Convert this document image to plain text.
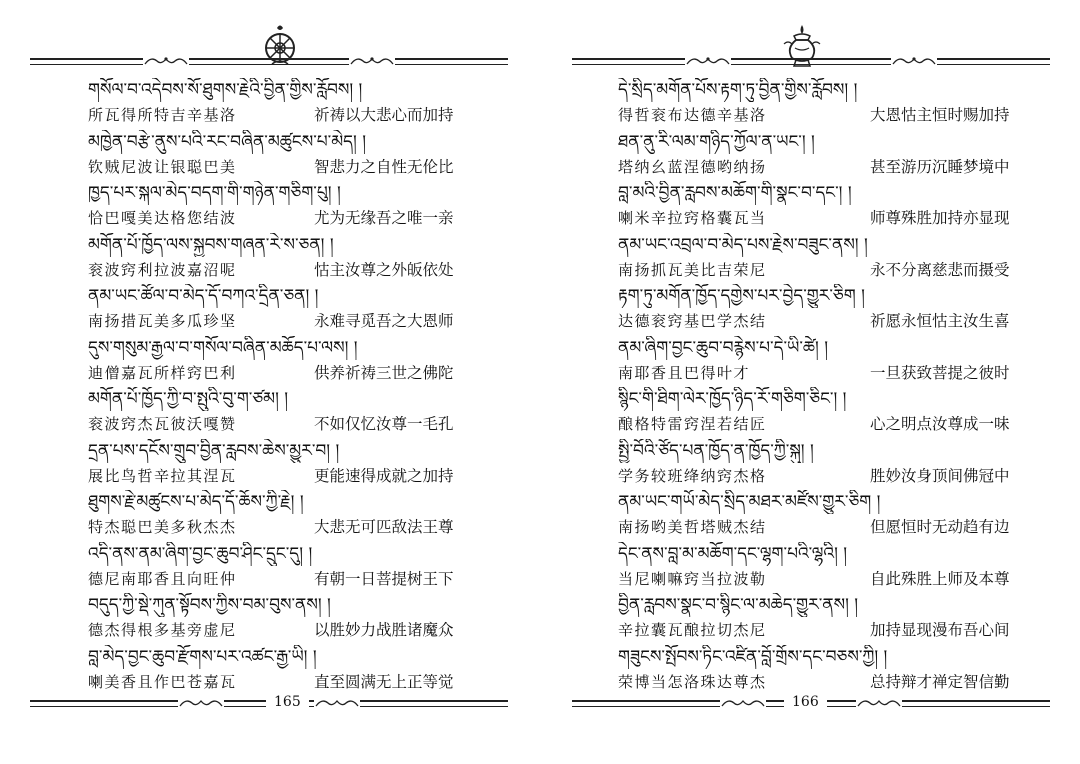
གསོལ་བ་འདེབས་སོ་ཐུགས་རྗེའི་བྱིན་གྱིས་རློབས། །
所瓦得所特吉辛基洛	祈祷以大悲心而加持
མཁྱེན་བརྩེ་ནུས་པའི་རང་བཞིན་མཚུངས་པ་མེད། །
钦贼尼波让银聪巴美	智悲力之自性无伦比
ཁྱད་པར་སྐལ་མེད་བདག་གི་གཉེན་གཅིག་པུ། །
恰巴嘎美达格您结波	尤为无缘吾之唯一亲
མགོན་པོ་ཁྱོད་ལས་སྐྱབས་གཞན་རེ་ས་ཅན། །
衮波窍利拉波嘉沼呢	怙主汝尊之外皈依处
ནམ་ཡང་ཚོལ་བ་མེད་དོ་བཀའ་དྲིན་ཅན། །
南扬措瓦美多瓜珍坚	永难寻觅吾之大恩师
དུས་གསུམ་རྒྱལ་བ་གསོལ་བཞིན་མཆོད་པ་ལས། །
迪僧嘉瓦所样窍巴利	供养祈祷三世之佛陀
མགོན་པོ་ཁྱོད་ཀྱི་བ་སྤུའི་བུ་ག་ཙམ། །
衮波窍杰瓦彼沃嘎赞	不如仅忆汝尊一毛孔
དྲན་པས་དངོས་གྲུབ་བྱིན་རླབས་ཆེས་མྱུར་བ། །
展比鸟哲辛拉其涅瓦	更能速得成就之加持
ཐུགས་རྗེ་མཚུངས་པ་མེད་དོ་ཆོས་ཀྱི་རྗེ། །
特杰聪巴美多秋杰杰	大悲无可匹敌法王尊
འདི་ནས་ནམ་ཞིག་བྱང་ཆུབ་ཤིང་དྲུང་དུ། །
德尼南耶香且向旺仲	有朝一日菩提树王下
བདུད་ཀྱི་སྡེ་ཀུན་སྟོབས་ཀྱིས་བམ་བུས་ནས། །
德杰得根多基旁虚尼	以胜妙力战胜诸魔众
བླ་མེད་བྱང་ཆུབ་རྫོགས་པར་འཚང་རྒྱ་ཡི། །
喇美香且作巴苍嘉瓦	直至圆满无上正等觉
165
དེ་སྲིད་མགོན་པོས་རྟག་ཏུ་བྱིན་གྱིས་རློབས། །
得哲衮布达德辛基洛	大恩怙主恒时赐加持
ཐན་ནུ་རི་ལམ་གཉིད་ཀྱོལ་ན་ཡང་། །
塔纳幺蓝涅德哟纳扬	甚至游历沉睡梦境中
བླ་མའི་བྱིན་རླབས་མཆོག་གི་སྣང་བ་དང་། །
喇米辛拉窍格囊瓦当	师尊殊胜加持亦显现
ནམ་ཡང་འབྲལ་བ་མེད་པས་རྗེས་བཟུང་ནས། །
南扬抓瓦美比吉荣尼	永不分离慈悲而摄受
རྟག་ཏུ་མགོན་ཁྱོད་དགྱེས་པར་བྱེད་གྱུར་ཅིག །
达德衮窍基巴学杰结	祈愿永恒怙主汝生喜
ནམ་ཞིག་བྱང་ཆུབ་བརྙེས་པ་དེ་ཡི་ཚེ། །
南耶香且巴得叶才	一旦获致菩提之彼时
སྙིང་གི་ཐིག་ལེར་ཁྱོད་ཉིད་རོ་གཅིག་ཅིང་། །
酿格特雷窍涅若结匠	心之明点汝尊成一味
སྤྱི་བོའི་ཙོད་པན་ཁྱོད་ན་ཁྱོད་ཀྱི་སྐུ། །
学务较班绛纳窍杰格	胜妙汝身顶间佛冠中
ནམ་ཡང་གཡོ་མེད་སྲིད་མཐར་མཛོས་གྱུར་ཅིག །
南扬哟美哲塔贼杰结	但愿恒时无动趋有边
དེང་ནས་བླ་མ་མཆོག་དང་ལྷག་པའི་ལྷའི། །
当尼喇嘛窍当拉波勒	自此殊胜上师及本尊
བྱིན་རླབས་སྣང་བ་སྙིང་ལ་མཆེད་གྱུར་ནས། །
辛拉囊瓦酿拉切杰尼	加持显现漫布吾心间
གཟུངས་སྤོབས་ཏིང་འཛིན་བློ་གྲོས་དང་བཅས་ཀྱི། །
荣博当怎洛珠达尊杰	总持辩才禅定智信勤
166
